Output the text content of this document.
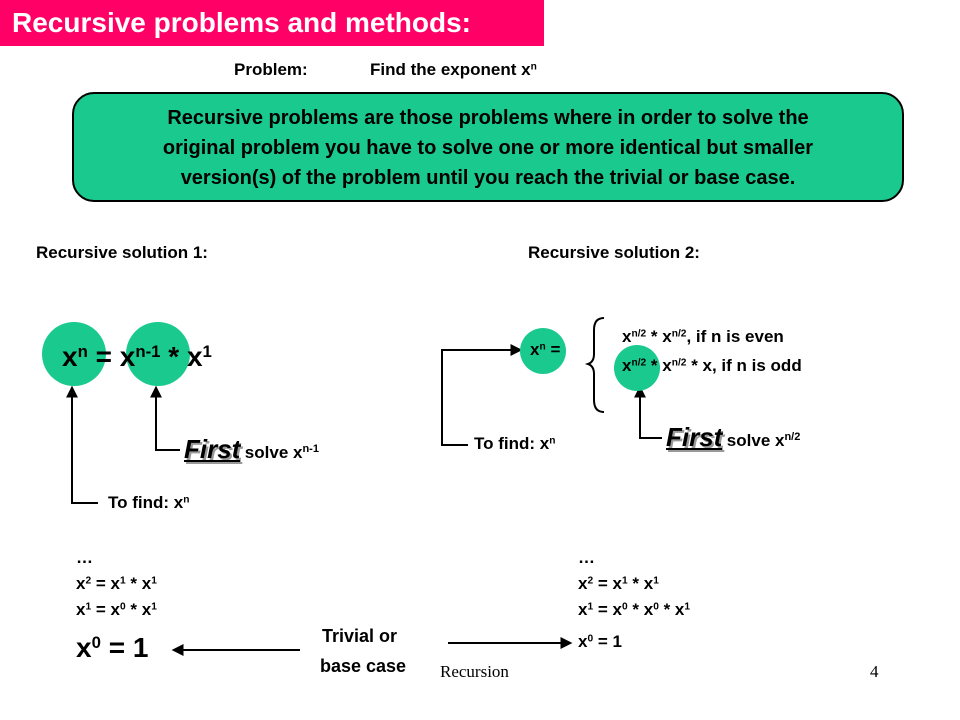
Recursive problems and methods:
Problem:	Find the exponent $x^n$
Recursive problems are those problems where in order to solve the
original problem you have to solve one or more identical but smaller
version(s) of the problem until you reach the trivial or base case.
Recursive solution 1:	Recursive solution 2:
$x^n = x^{n-1} * x^1$
First solve $x^{n-1}$
To find: $x^n$
$x^n$ =
$x^{n/2} * x^{n/2}$, if n is even
$x^{n/2} * x^{n/2}$ * x, if n is odd
First solve $x^{n/2}$
To find: $x^n$
…
$x^2 = x^1 * x^1$
$x^1 = x^0 * x^1$
$x^0 = 1$
…
$x^2 = x^1 * x^1$
$x^1 = x^0 * x^0 * x^1$
$x^0 = 1$
Trivial or
base case Recursion	4
